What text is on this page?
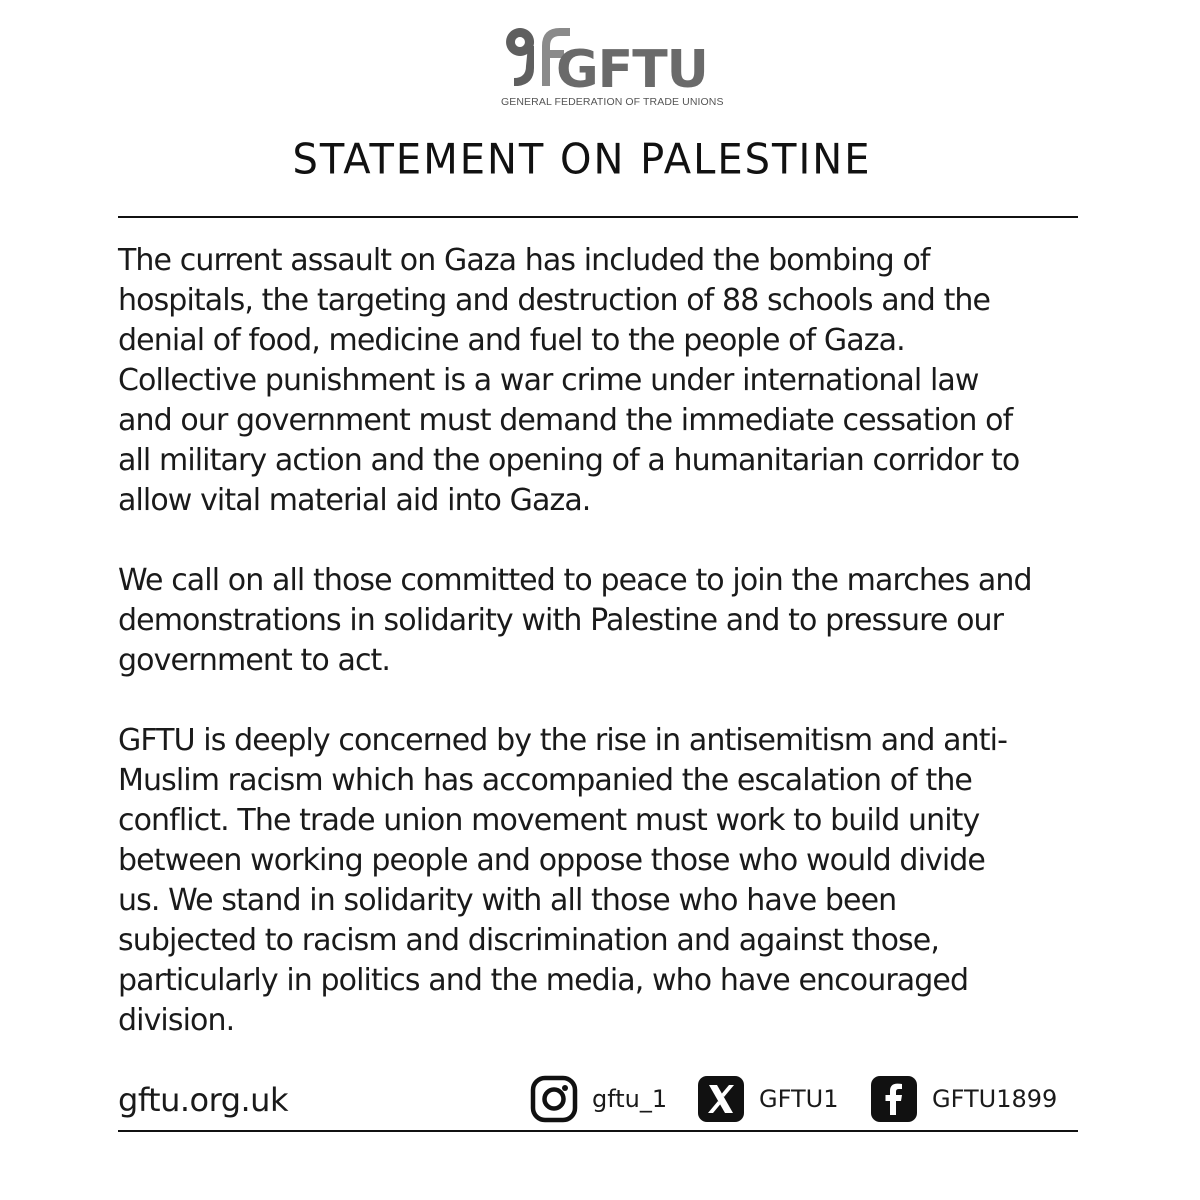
GFTU
GENERAL FEDERATION OF TRADE UNIONS
STATEMENT ON PALESTINE

The current assault on Gaza has included the bombing of
hospitals, the targeting and destruction of 88 schools and the
denial of food, medicine and fuel to the people of Gaza.
Collective punishment is a war crime under international law
and our government must demand the immediate cessation of
all military action and the opening of a humanitarian corridor to
allow vital material aid into Gaza.

We call on all those committed to peace to join the marches and
demonstrations in solidarity with Palestine and to pressure our
government to act.

GFTU is deeply concerned by the rise in antisemitism and anti-
Muslim racism which has accompanied the escalation of the
conflict. The trade union movement must work to build unity
between working people and oppose those who would divide
us. We stand in solidarity with all those who have been
subjected to racism and discrimination and against those,
particularly in politics and the media, who have encouraged
division.

gftu.org.uk	gftu_1	GFTU1	GFTU1899
